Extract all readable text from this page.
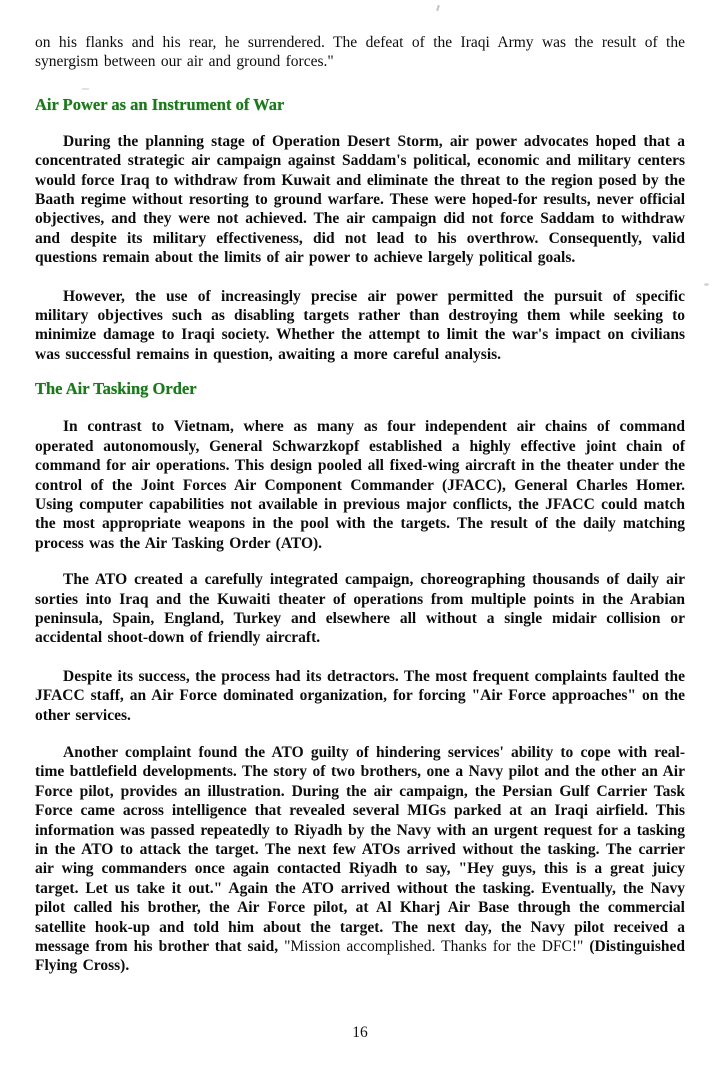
on his flanks and his rear, he surrendered. The defeat of the Iraqi Army was the result of the synergism between our air and ground forces."

Air Power as an Instrument of War

During the planning stage of Operation Desert Storm, air power advocates hoped that a concentrated strategic air campaign against Saddam's political, economic and military centers would force Iraq to withdraw from Kuwait and eliminate the threat to the region posed by the Baath regime without resorting to ground warfare. These were hoped-for results, never official objectives, and they were not achieved. The air campaign did not force Saddam to withdraw and despite its military effectiveness, did not lead to his overthrow. Consequently, valid questions remain about the limits of air power to achieve largely political goals.

However, the use of increasingly precise air power permitted the pursuit of specific military objectives such as disabling targets rather than destroying them while seeking to minimize damage to Iraqi society. Whether the attempt to limit the war's impact on civilians was successful remains in question, awaiting a more careful analysis.

The Air Tasking Order

In contrast to Vietnam, where as many as four independent air chains of command operated autonomously, General Schwarzkopf established a highly effective joint chain of command for air operations. This design pooled all fixed-wing aircraft in the theater under the control of the Joint Forces Air Component Commander (JFACC), General Charles Homer. Using computer capabilities not available in previous major conflicts, the JFACC could match the most appropriate weapons in the pool with the targets. The result of the daily matching process was the Air Tasking Order (ATO).

The ATO created a carefully integrated campaign, choreographing thousands of daily air sorties into Iraq and the Kuwaiti theater of operations from multiple points in the Arabian peninsula, Spain, England, Turkey and elsewhere all without a single midair collision or accidental shoot-down of friendly aircraft.

Despite its success, the process had its detractors. The most frequent complaints faulted the JFACC staff, an Air Force dominated organization, for forcing "Air Force approaches" on the other services.

Another complaint found the ATO guilty of hindering services' ability to cope with real-time battlefield developments. The story of two brothers, one a Navy pilot and the other an Air Force pilot, provides an illustration. During the air campaign, the Persian Gulf Carrier Task Force came across intelligence that revealed several MIGs parked at an Iraqi airfield. This information was passed repeatedly to Riyadh by the Navy with an urgent request for a tasking in the ATO to attack the target. The next few ATOs arrived without the tasking. The carrier air wing commanders once again contacted Riyadh to say, "Hey guys, this is a great juicy target. Let us take it out." Again the ATO arrived without the tasking. Eventually, the Navy pilot called his brother, the Air Force pilot, at Al Kharj Air Base through the commercial satellite hook-up and told him about the target. The next day, the Navy pilot received a message from his brother that said, "Mission accomplished. Thanks for the DFC!" (Distinguished Flying Cross).

16
